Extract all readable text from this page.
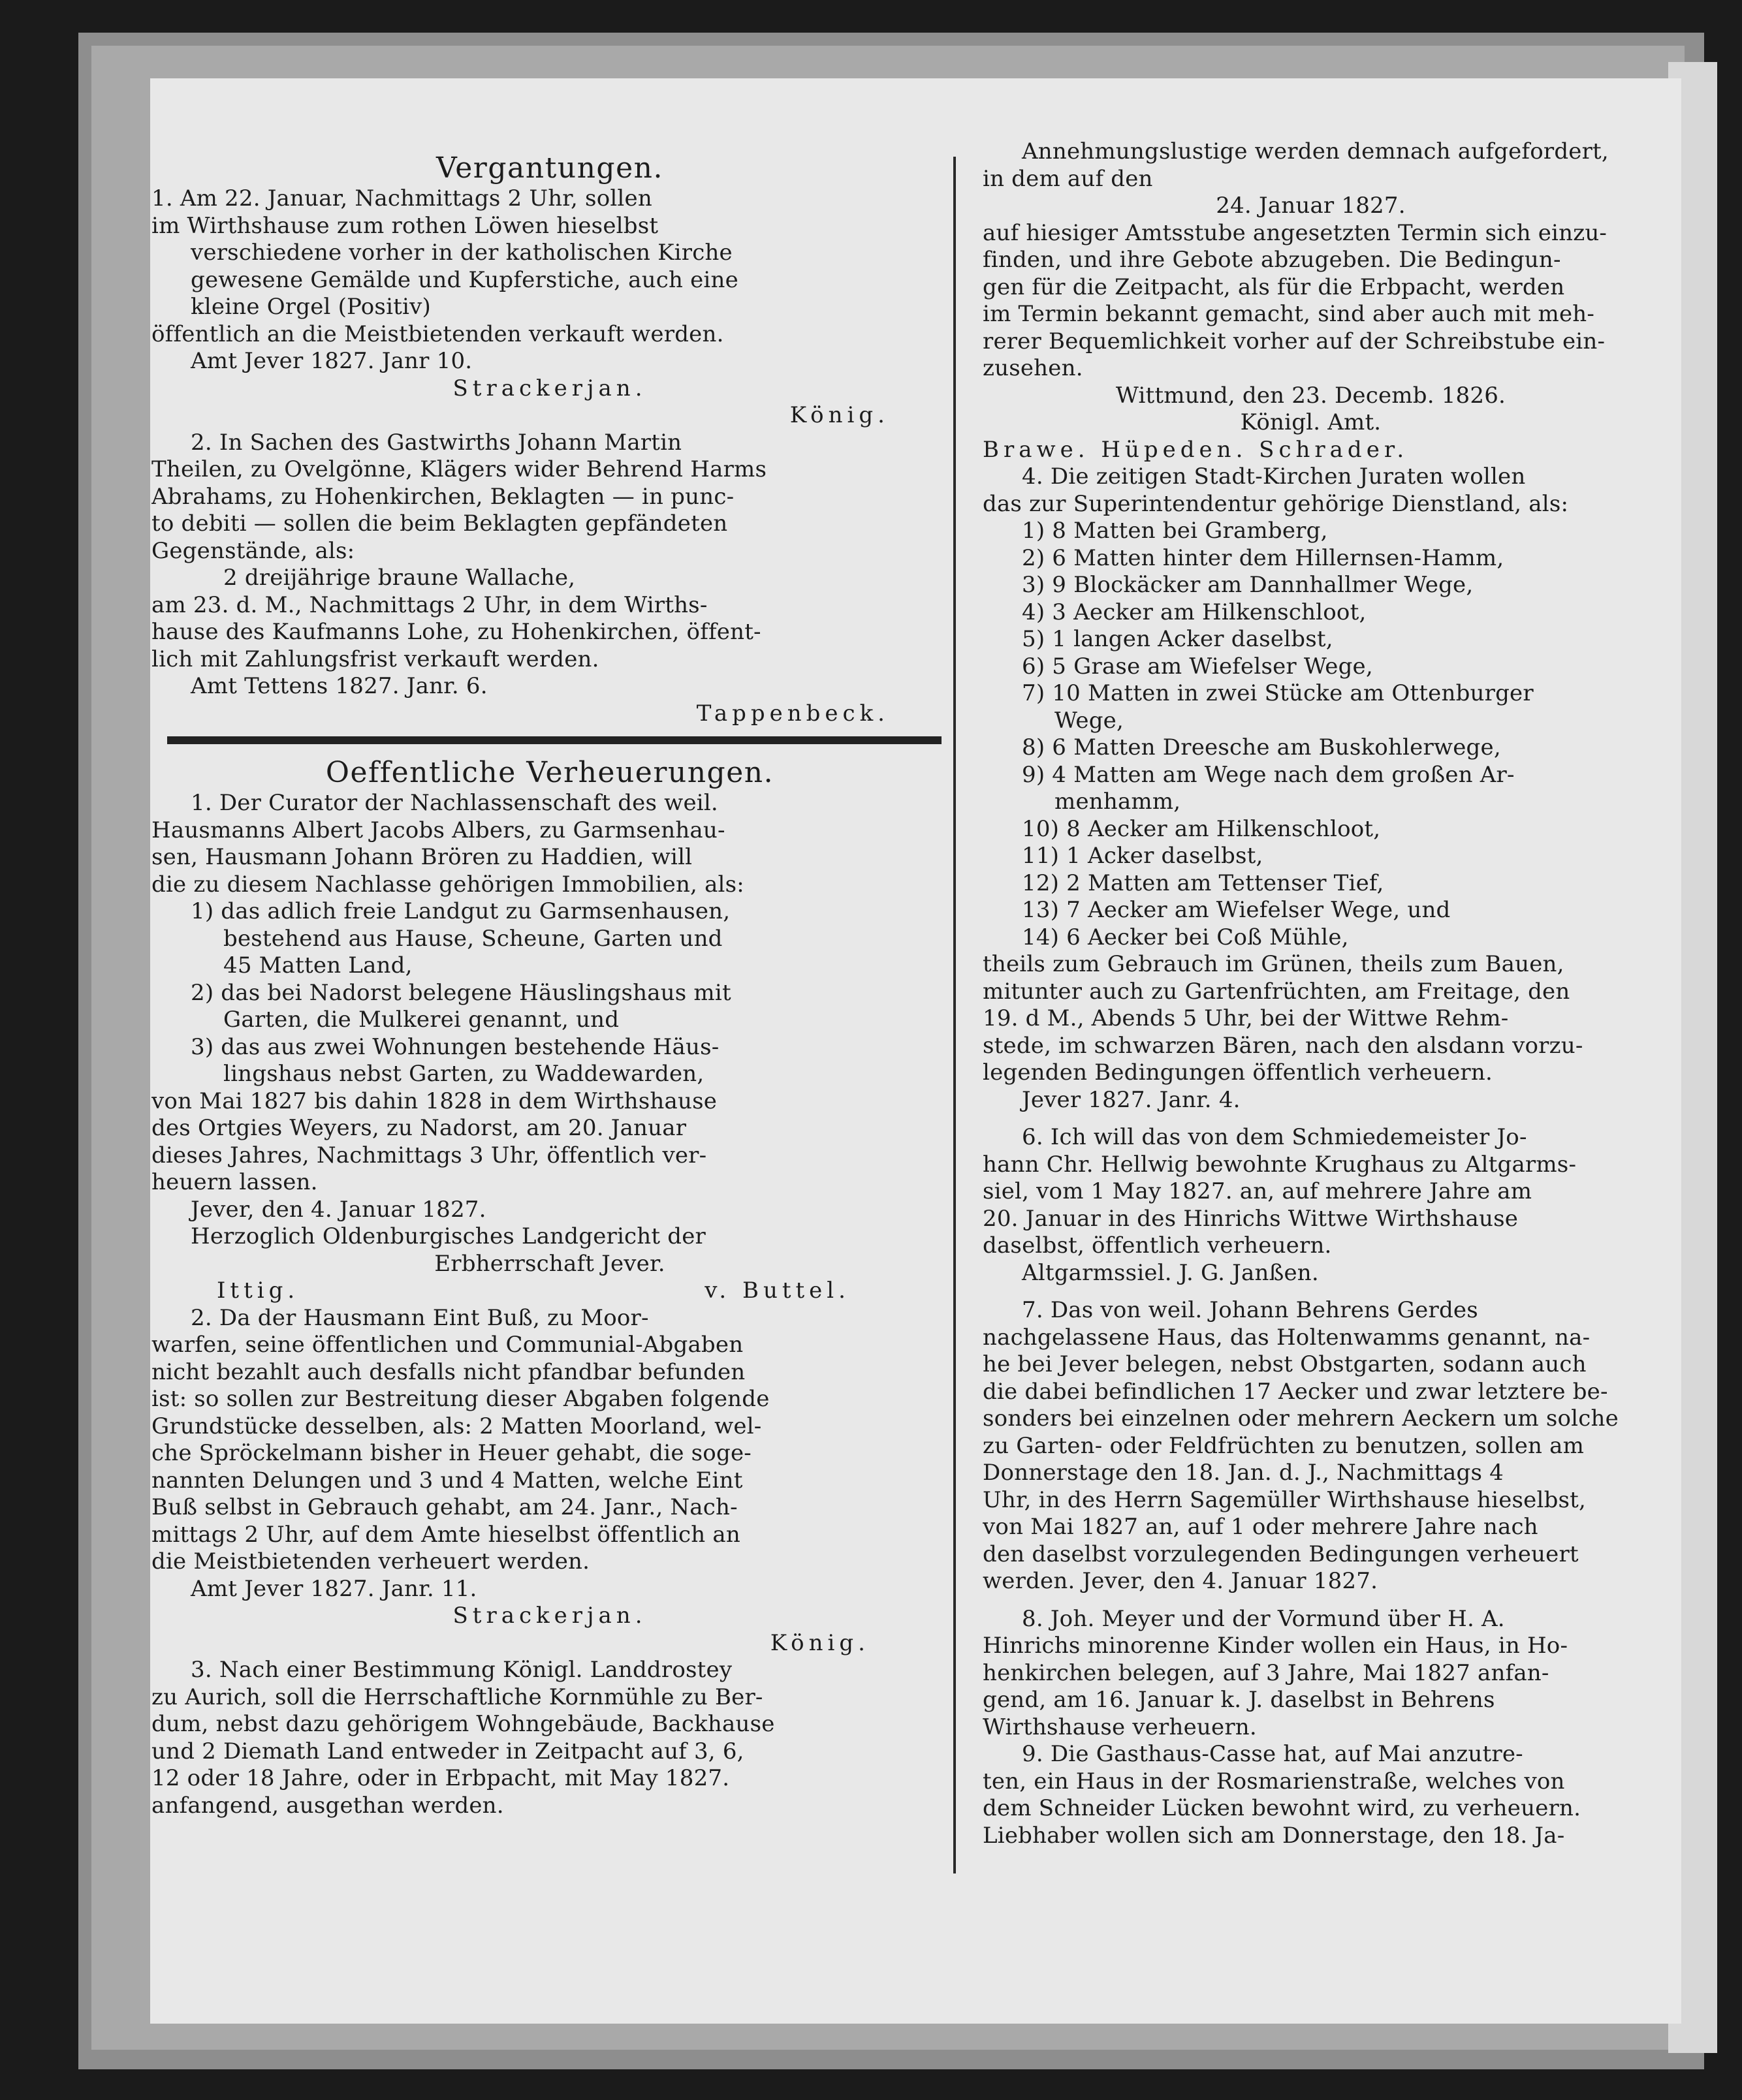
Vergantungen.
1. Am 22. Januar, Nachmittags 2 Uhr, sollen
im Wirthshause zum rothen Löwen hieselbst
verschiedene vorher in der katholischen Kirche
gewesene Gemälde und Kupferstiche, auch eine
kleine Orgel (Positiv)
öffentlich an die Meistbietenden verkauft werden.
Amt Jever 1827. Janr 10.
Strackerjan.
König.
2. In Sachen des Gastwirths Johann Martin
Theilen, zu Ovelgönne, Klägers wider Behrend Harms
Abrahams, zu Hohenkirchen, Beklagten — in punc-
to debiti — sollen die beim Beklagten gepfändeten
Gegenstände, als:
2 dreijährige braune Wallache,
am 23. d. M., Nachmittags 2 Uhr, in dem Wirths-
hause des Kaufmanns Lohe, zu Hohenkirchen, öffent-
lich mit Zahlungsfrist verkauft werden.
Amt Tettens 1827. Janr. 6.
Tappenbeck.
Oeffentliche Verheuerungen.
1. Der Curator der Nachlassenschaft des weil.
Hausmanns Albert Jacobs Albers, zu Garmsenhau-
sen, Hausmann Johann Brören zu Haddien, will
die zu diesem Nachlasse gehörigen Immobilien, als:
1) das adlich freie Landgut zu Garmsenhausen,
bestehend aus Hause, Scheune, Garten und
45 Matten Land,
2) das bei Nadorst belegene Häuslingshaus mit
Garten, die Mulkerei genannt, und
3) das aus zwei Wohnungen bestehende Häus-
lingshaus nebst Garten, zu Waddewarden,
von Mai 1827 bis dahin 1828 in dem Wirthshause
des Ortgies Weyers, zu Nadorst, am 20. Januar
dieses Jahres, Nachmittags 3 Uhr, öffentlich ver-
heuern lassen.
Jever, den 4. Januar 1827.
Herzoglich Oldenburgisches Landgericht der
Erbherrschaft Jever.
Ittig.	v. Buttel.
2. Da der Hausmann Eint Buß, zu Moor-
warfen, seine öffentlichen und Communial-Abgaben
nicht bezahlt auch desfalls nicht pfandbar befunden
ist: so sollen zur Bestreitung dieser Abgaben folgende
Grundstücke desselben, als: 2 Matten Moorland, wel-
che Spröckelmann bisher in Heuer gehabt, die soge-
nannten Delungen und 3 und 4 Matten, welche Eint
Buß selbst in Gebrauch gehabt, am 24. Janr., Nach-
mittags 2 Uhr, auf dem Amte hieselbst öffentlich an
die Meistbietenden verheuert werden.
Amt Jever 1827. Janr. 11.
Strackerjan.
König.
3. Nach einer Bestimmung Königl. Landdrostey
zu Aurich, soll die Herrschaftliche Kornmühle zu Ber-
dum, nebst dazu gehörigem Wohngebäude, Backhause
und 2 Diemath Land entweder in Zeitpacht auf 3, 6,
12 oder 18 Jahre, oder in Erbpacht, mit May 1827.
anfangend, ausgethan werden.
Annehmungslustige werden demnach aufgefordert,
in dem auf den
24. Januar 1827.
auf hiesiger Amtsstube angesetzten Termin sich einzu-
finden, und ihre Gebote abzugeben. Die Bedingun-
gen für die Zeitpacht, als für die Erbpacht, werden
im Termin bekannt gemacht, sind aber auch mit meh-
rerer Bequemlichkeit vorher auf der Schreibstube ein-
zusehen.
Wittmund, den 23. Decemb. 1826.
Königl. Amt.
Brawe. Hüpeden. Schrader.
4. Die zeitigen Stadt-Kirchen Juraten wollen
das zur Superintendentur gehörige Dienstland, als:
1) 8 Matten bei Gramberg,
2) 6 Matten hinter dem Hillernsen-Hamm,
3) 9 Blockäcker am Dannhallmer Wege,
4) 3 Aecker am Hilkenschloot,
5) 1 langen Acker daselbst,
6) 5 Grase am Wiefelser Wege,
7) 10 Matten in zwei Stücke am Ottenburger
Wege,
8) 6 Matten Dreesche am Buskohlerwege,
9) 4 Matten am Wege nach dem großen Ar-
menhamm,
10) 8 Aecker am Hilkenschloot,
11) 1 Acker daselbst,
12) 2 Matten am Tettenser Tief,
13) 7 Aecker am Wiefelser Wege, und
14) 6 Aecker bei Coß Mühle,
theils zum Gebrauch im Grünen, theils zum Bauen,
mitunter auch zu Gartenfrüchten, am Freitage, den
19. d M., Abends 5 Uhr, bei der Wittwe Rehm-
stede, im schwarzen Bären, nach den alsdann vorzu-
legenden Bedingungen öffentlich verheuern.
Jever 1827. Janr. 4.
6. Ich will das von dem Schmiedemeister Jo-
hann Chr. Hellwig bewohnte Krughaus zu Altgarms-
siel, vom 1 May 1827. an, auf mehrere Jahre am
20. Januar in des Hinrichs Wittwe Wirthshause
daselbst, öffentlich verheuern.
Altgarmssiel. J. G. Janßen.
7. Das von weil. Johann Behrens Gerdes
nachgelassene Haus, das Holtenwamms genannt, na-
he bei Jever belegen, nebst Obstgarten, sodann auch
die dabei befindlichen 17 Aecker und zwar letztere be-
sonders bei einzelnen oder mehrern Aeckern um solche
zu Garten- oder Feldfrüchten zu benutzen, sollen am
Donnerstage den 18. Jan. d. J., Nachmittags 4
Uhr, in des Herrn Sagemüller Wirthshause hieselbst,
von Mai 1827 an, auf 1 oder mehrere Jahre nach
den daselbst vorzulegenden Bedingungen verheuert
werden. Jever, den 4. Januar 1827.
8. Joh. Meyer und der Vormund über H. A.
Hinrichs minorenne Kinder wollen ein Haus, in Ho-
henkirchen belegen, auf 3 Jahre, Mai 1827 anfan-
gend, am 16. Januar k. J. daselbst in Behrens
Wirthshause verheuern.
9. Die Gasthaus-Casse hat, auf Mai anzutre-
ten, ein Haus in der Rosmarienstraße, welches von
dem Schneider Lücken bewohnt wird, zu verheuern.
Liebhaber wollen sich am Donnerstage, den 18. Ja-
